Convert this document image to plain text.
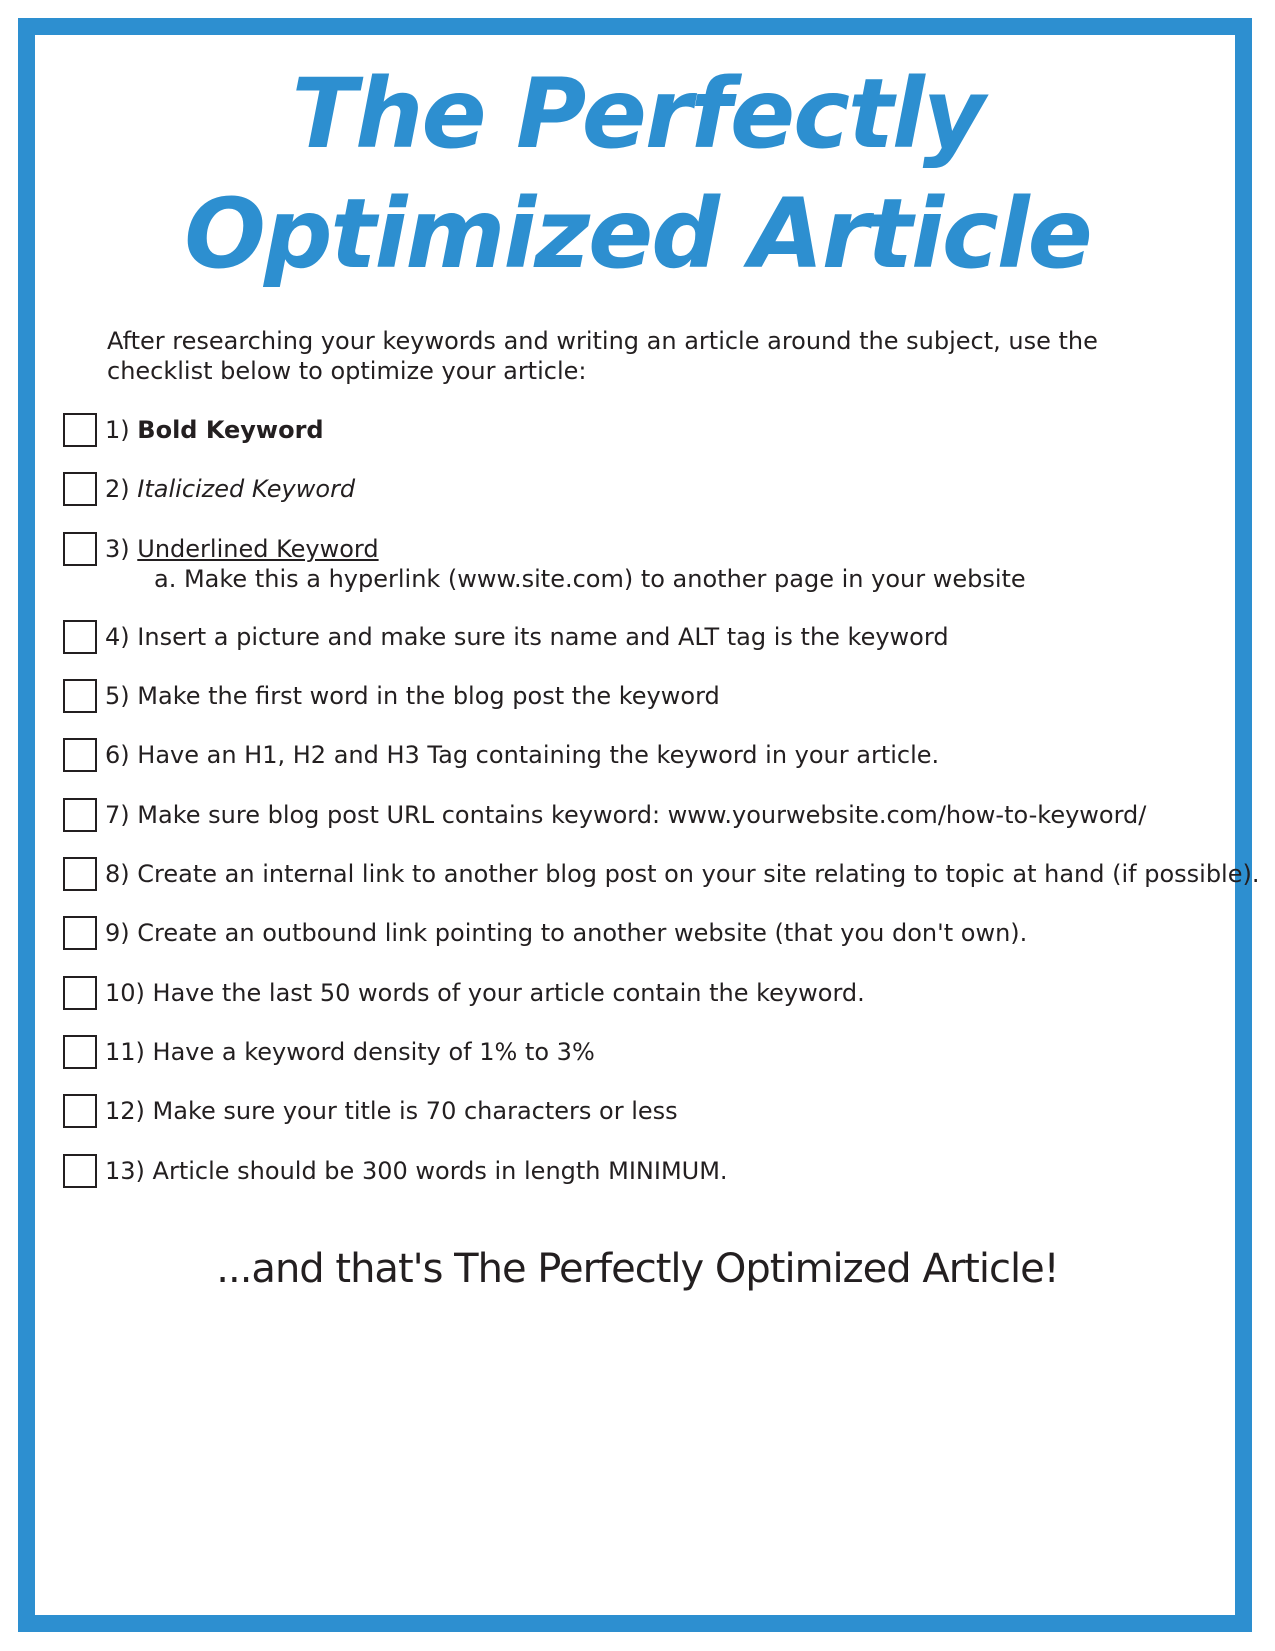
The Perfectly
Optimized Article

After researching your keywords and writing an article around the subject, use the checklist below to optimize your article:

1) Bold Keyword
2) Italicized Keyword
3) Underlined Keyword
a. Make this a hyperlink (www.site.com) to another page in your website
4) Insert a picture and make sure its name and ALT tag is the keyword
5) Make the first word in the blog post the keyword
6) Have an H1, H2 and H3 Tag containing the keyword in your article.
7) Make sure blog post URL contains keyword: www.yourwebsite.com/how-to-keyword/
8) Create an internal link to another blog post on your site relating to topic at hand (if possible).
9) Create an outbound link pointing to another website (that you don't own).
10) Have the last 50 words of your article contain the keyword.
11) Have a keyword density of 1% to 3%
12) Make sure your title is 70 characters or less
13) Article should be 300 words in length MINIMUM.

...and that's The Perfectly Optimized Article!
